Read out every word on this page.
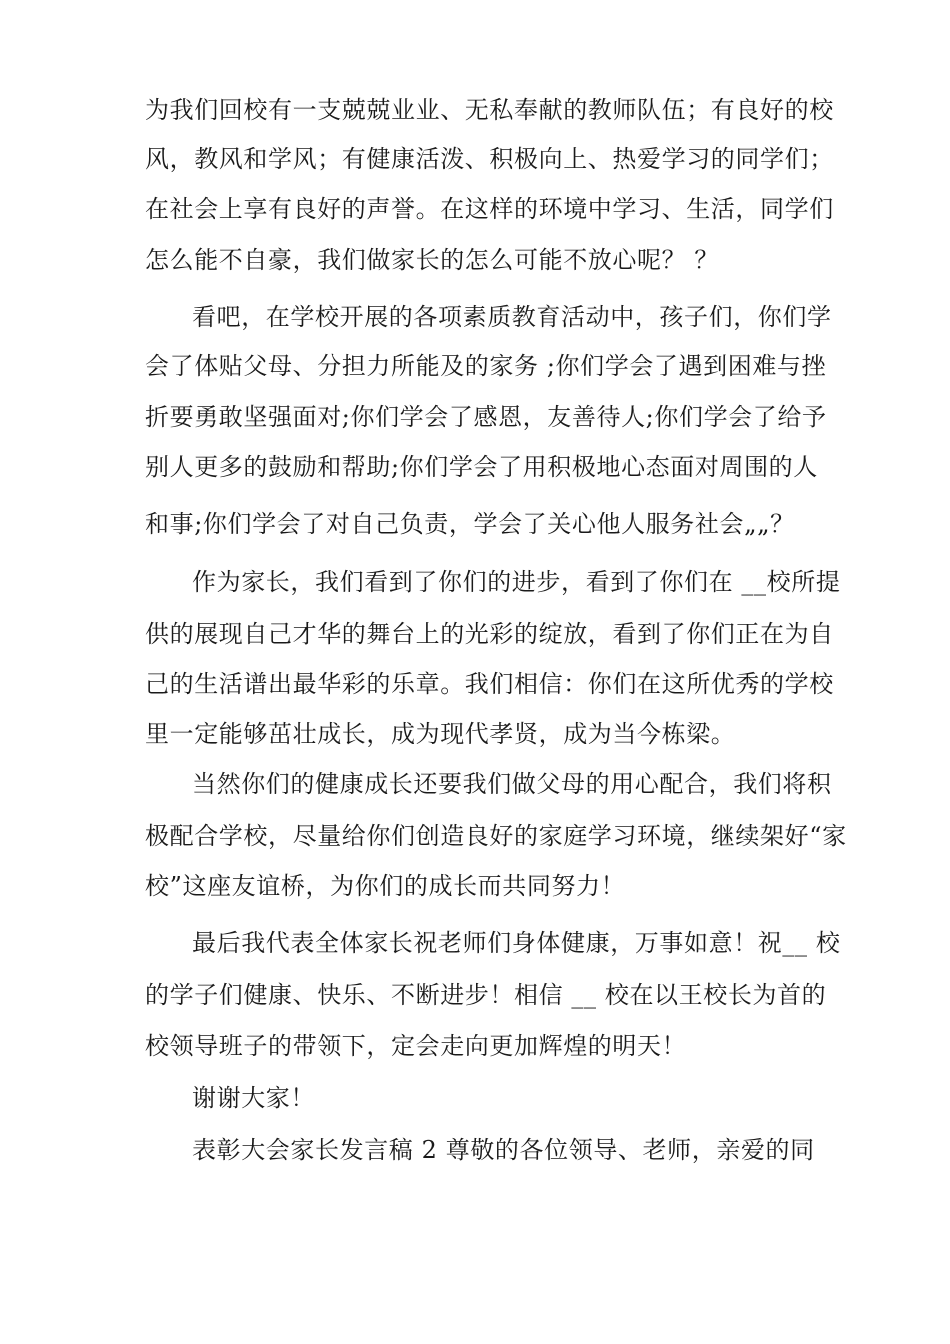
为我们回校有一支兢兢业业、无私奉献的教师队伍；有良好的校
风，教风和学风；有健康活泼、积极向上、热爱学习的同学们；
在社会上享有良好的声誉。在这样的环境中学习、生活，同学们
怎么能不自豪，我们做家长的怎么可能不放心呢？ ？
看吧，在学校开展的各项素质教育活动中，孩子们，你们学
会了体贴父母、分担力所能及的家务 ;你们学会了遇到困难与挫
折要勇敢坚强面对;你们学会了感恩，友善待人;你们学会了给予
别人更多的鼓励和帮助;你们学会了用积极地心态面对周围的人
和事;你们学会了对自己负责，学会了关心他人服务社会„„？
作为家长，我们看到了你们的进步，看到了你们在 __校所提
供的展现自己才华的舞台上的光彩的绽放，看到了你们正在为自
己的生活谱出最华彩的乐章。我们相信：你们在这所优秀的学校
里一定能够茁壮成长，成为现代孝贤，成为当今栋梁。
当然你们的健康成长还要我们做父母的用心配合，我们将积
极配合学校，尽量给你们创造良好的家庭学习环境，继续架好“家
校”这座友谊桥，为你们的成长而共同努力！
最后我代表全体家长祝老师们身体健康，万事如意！祝__ 校
的学子们健康、快乐、不断进步！相信 __ 校在以王校长为首的
校领导班子的带领下，定会走向更加辉煌的明天！
谢谢大家！
表彰大会家长发言稿 2 尊敬的各位领导、老师，亲爱的同
